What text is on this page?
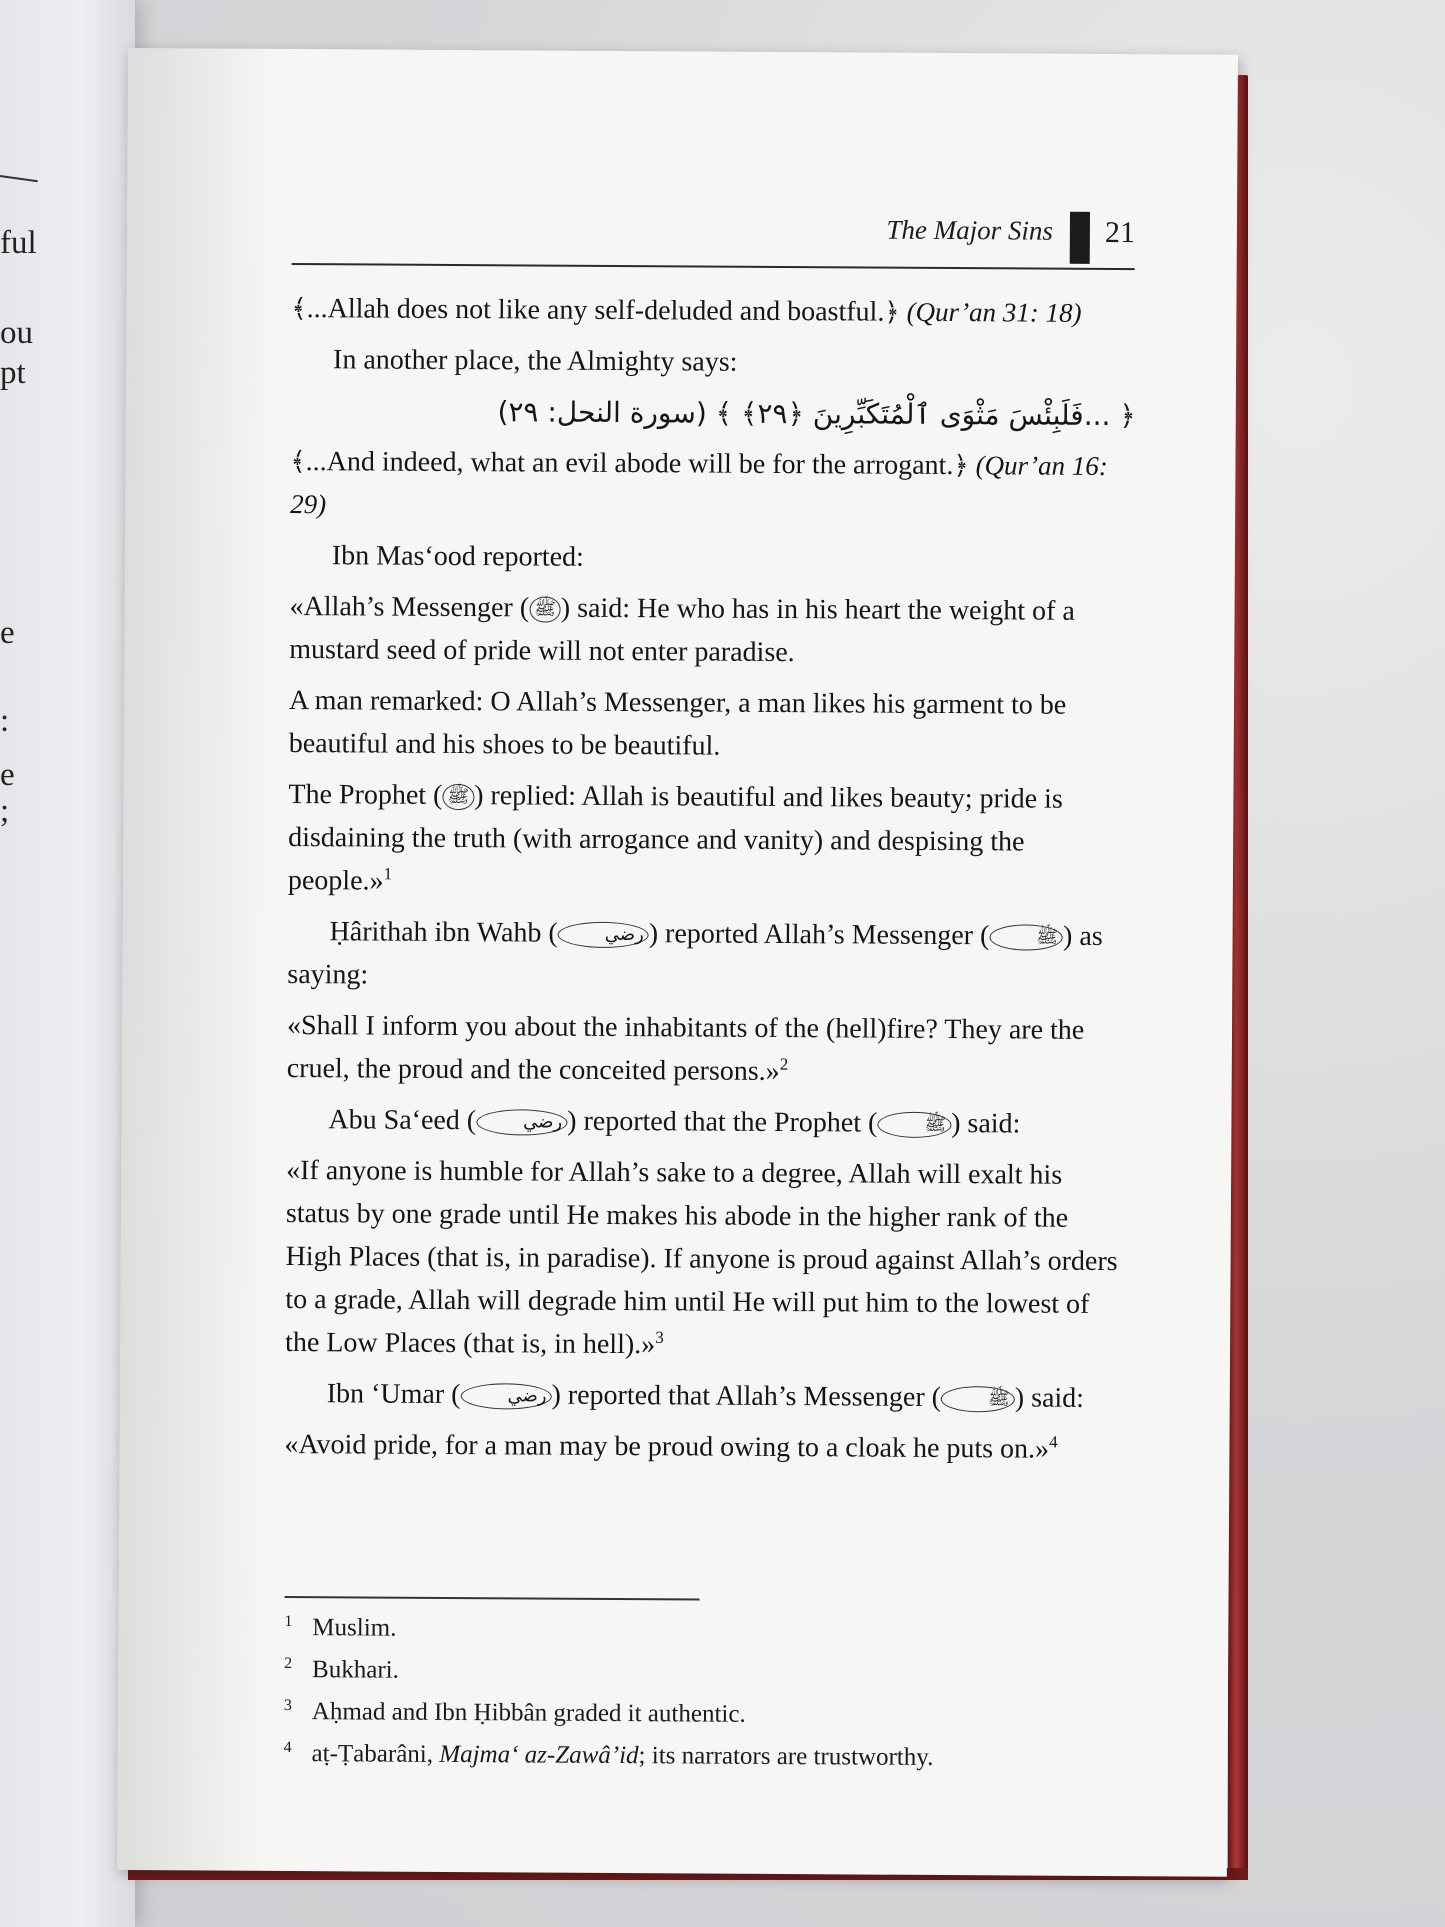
ful
ou
pt
e
:
e
;
The Major Sins 21

﴾...Allah does not like any self-deluded and boastful.﴿ (Qur’an 31: 18)

In another place, the Almighty says:

﴿ ...فَلَبِئْسَ مَثْوَى ٱلْمُتَكَبِّرِينَ ﴿٢٩﴾ ﴾ (سورة النحل: ٢٩)

﴾...And indeed, what an evil abode will be for the arrogant.﴿ (Qur’an 16: 29)

Ibn Mas‘ood reported:

«Allah’s Messenger ( ﷺ ) said: He who has in his heart the weight of a mustard seed of pride will not enter paradise.

A man remarked: O Allah’s Messenger, a man likes his garment to be beautiful and his shoes to be beautiful.

The Prophet ( ﷺ ) replied: Allah is beautiful and likes beauty; pride is disdaining the truth (with arrogance and vanity) and despising the people.»$^1$

Ḥârithah ibn Wahb (	رضي ) reported Allah’s Messenger (	ﷺ ) as saying:

«Shall I inform you about the inhabitants of the (hell)fire? They are the cruel, the proud and the conceited persons.»$^2$

Abu Sa‘eed (	رضي ) reported that the Prophet (	ﷺ ) said:

«If anyone is humble for Allah’s sake to a degree, Allah will exalt his status by one grade until He makes his abode in the higher rank of the High Places (that is, in paradise). If anyone is proud against Allah’s orders to a grade, Allah will degrade him until He will put him to the lowest of the Low Places (that is, in hell).»$^3$

Ibn ‘Umar (	رضي ) reported that Allah’s Messenger (	ﷺ ) said:

«Avoid pride, for a man may be proud owing to a cloak he puts on.»$^4$

1 Muslim.
2 Bukhari.
3 Aḥmad and Ibn Ḥibbân graded it authentic.
4 aṭ-Ṭabarâni, Majma‘ az-Zawâ’id; its narrators are trustworthy.
